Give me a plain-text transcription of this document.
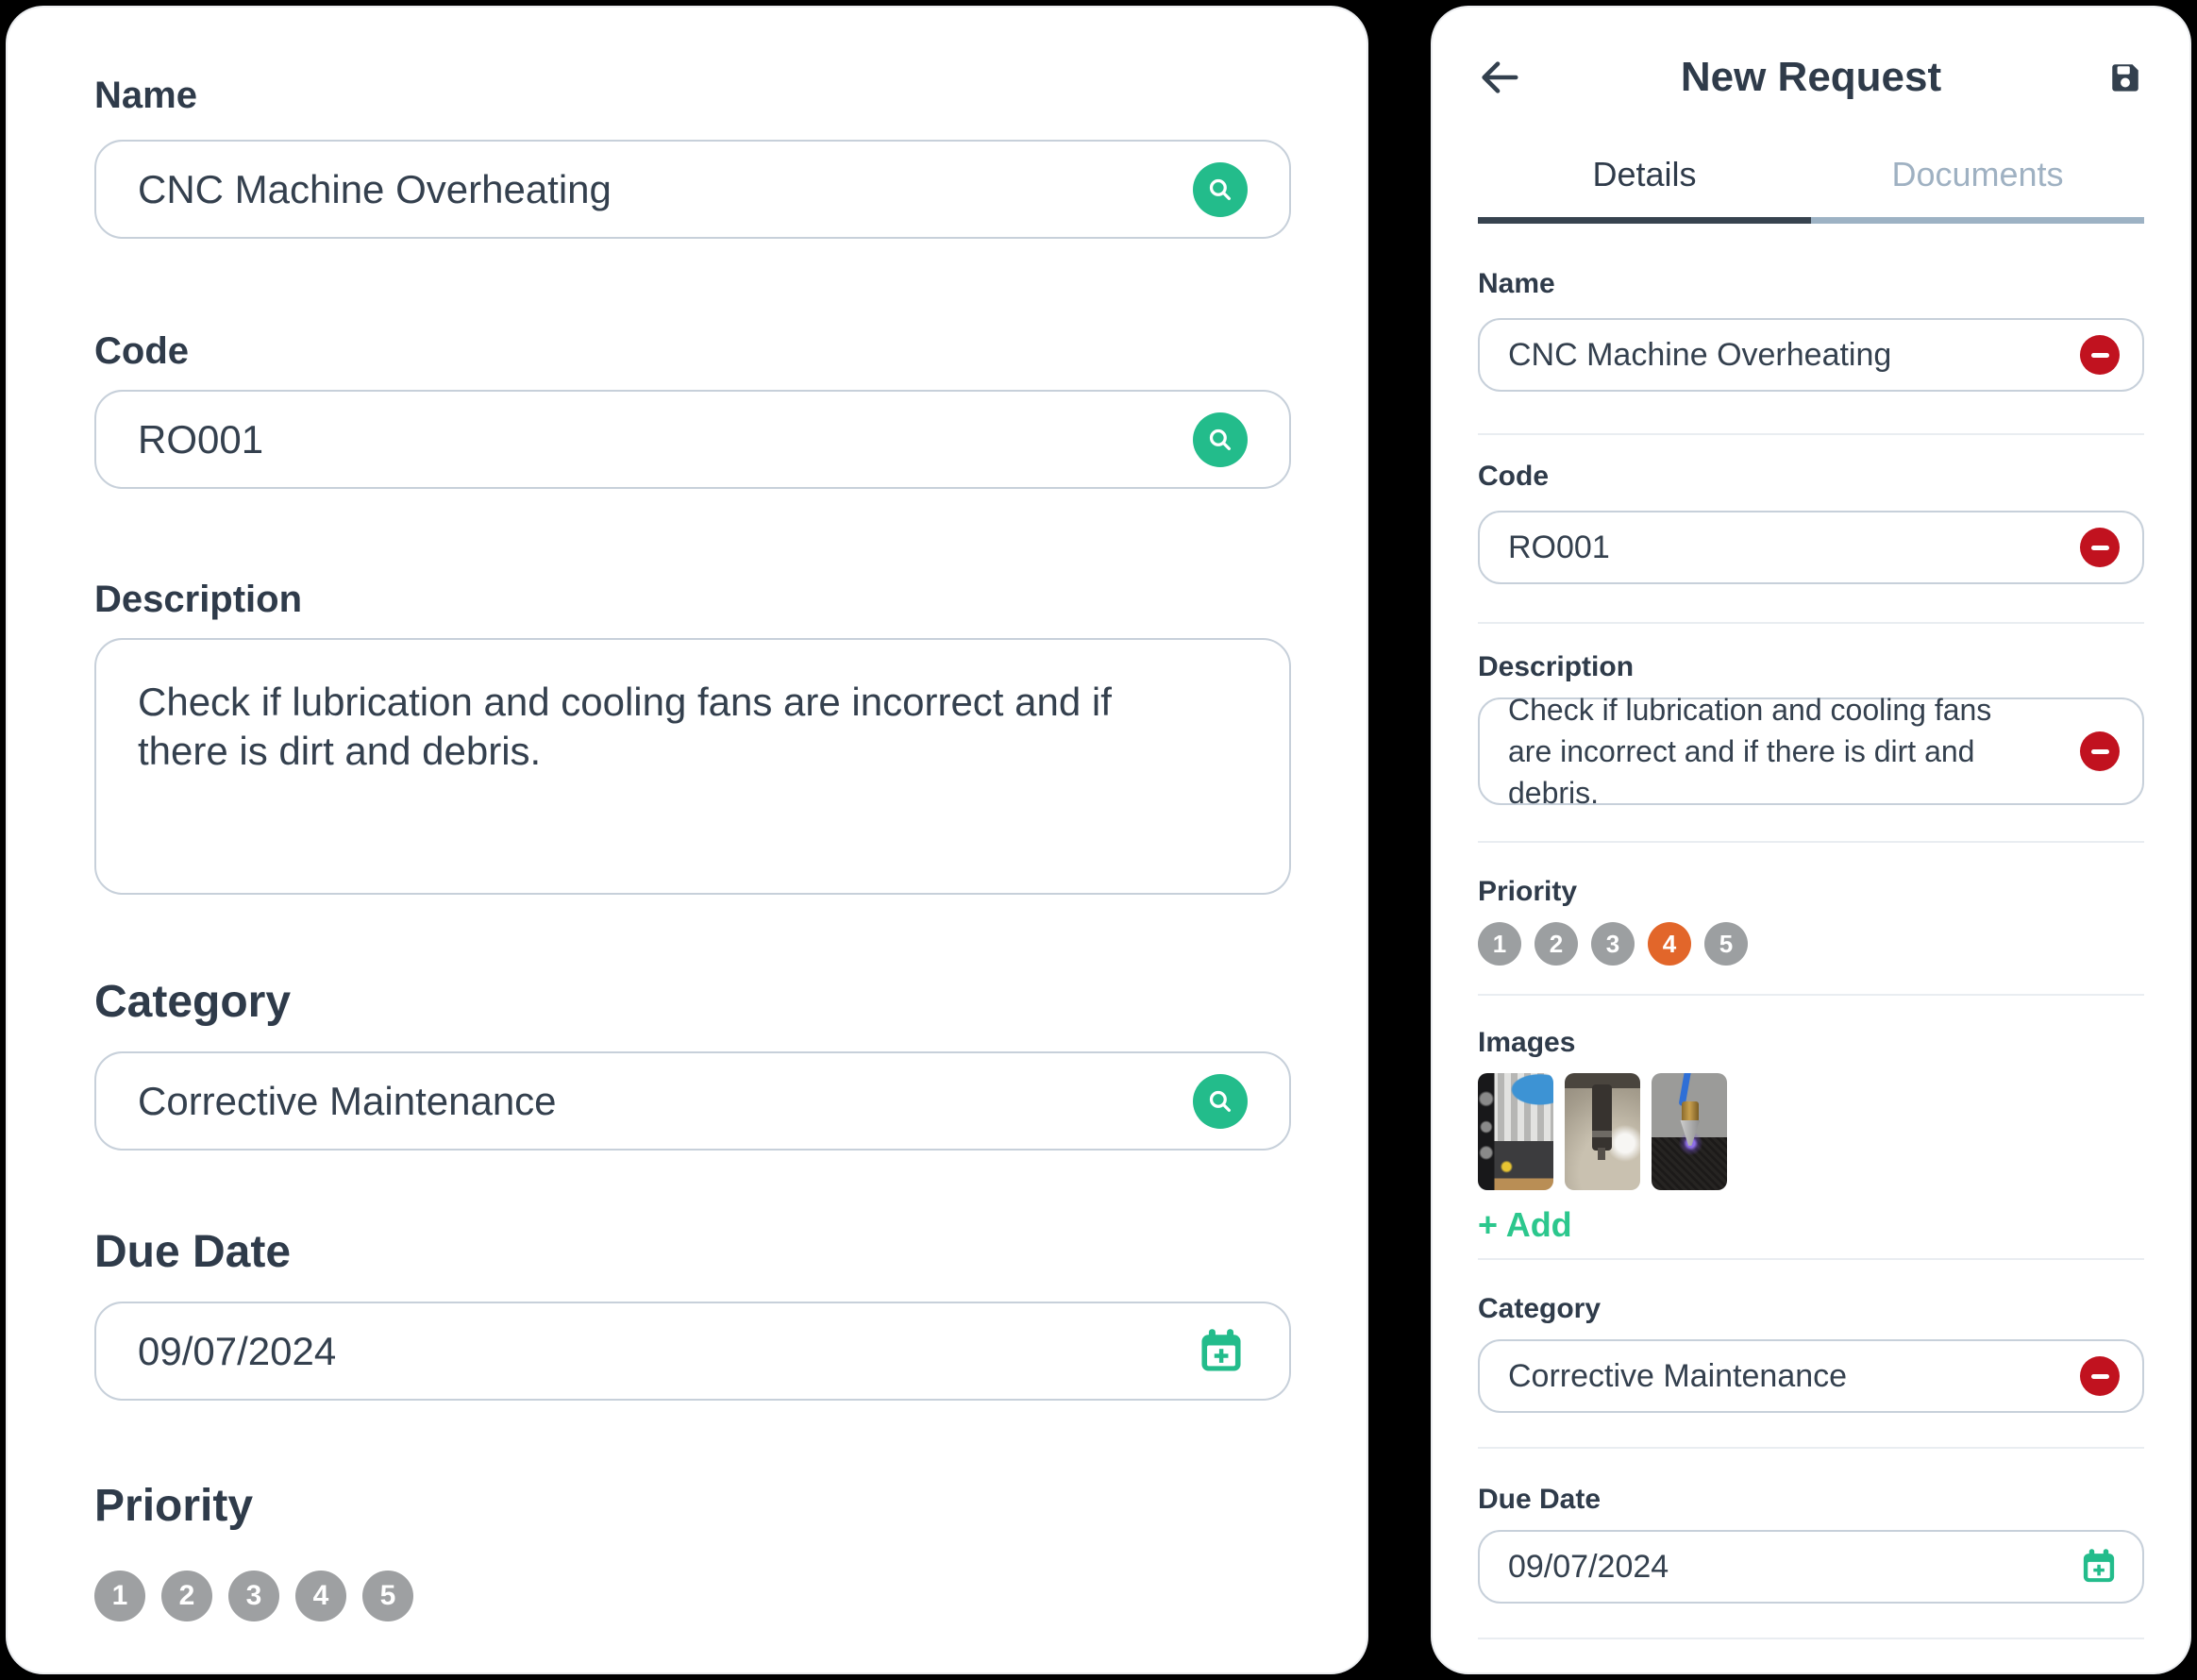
Name
CNC Machine Overheating
Code
RO001
Description
Check if lubrication and cooling fans are incorrect and if there is dirt and debris.
Category
Corrective Maintenance
Due Date
09/07/2024
Priority
1	2	3	4	5
New Request
Details	Documents
Name
CNC Machine Overheating
Code
RO001
Description
Check if lubrication and cooling fans are incorrect and if there is dirt and debris.
Priority
1	2	3	4	5
Images
+ Add
Category
Corrective Maintenance
Due Date
09/07/2024
